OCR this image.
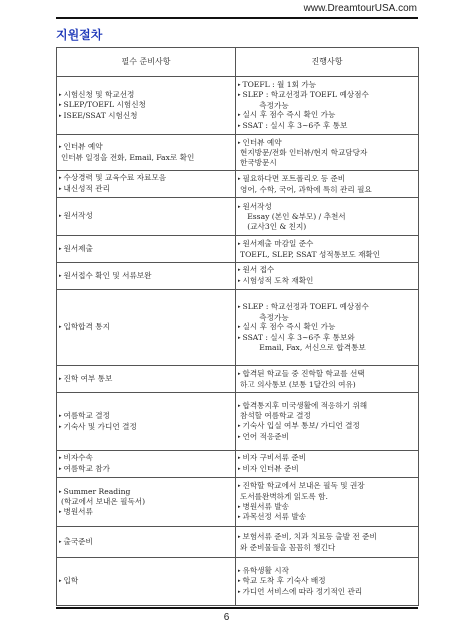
www.DreamtourUSA.com
지원절차
필수 준비사항	진행사항

▸ 시험신청 및 학교선정
▸ SLEP/TOEFL 시험신청
▸ ISEE/SSAT 시험신청	▸ TOEFL : 월 1회 가능
▸ SLEP : 학교선정과 TOEFL 예상점수
측정가능
▸ 실시 후 점수 즉시 확인 가능
▸ SSAT : 실시 후 3~6주 후 통보

▸ 인터뷰 예약
인터뷰 일정을 전화, Email, Fax로 확인	▸ 인터뷰 예약
현지방문/전화 인터뷰/현지 학교담당자
한국방문시

▸ 수상경력 및 교육수료 자료모음
▸ 내신성적 관리	▸ 필요하다면 포트폴리오 등 준비
영어, 수학, 국어, 과학에 특히 관리 필요

▸ 원서작성	▸ 원서작성
Essay (본인 &부모) / 추천서
(교사3인 & 친지)

▸ 원서제출	▸ 원서제출 마감일 준수
TOEFL, SLEP, SSAT 성적통보도 재확인

▸ 원서접수 확인 및 서류보완	▸ 원서 접수
▸ 시험성적 도착 재확인

▸ 입학합격 통지	▸ SLEP : 학교선정과 TOEFL 예상점수
측정가능
▸ 실시 후 점수 즉시 확인 가능
▸ SSAT : 실시 후 3~6주 후 통보와
Email, Fax, 서신으로 합격통보

▸ 진학 여부 통보	▸ 합격된 학교들 중 진학할 학교를 선택
하고 의사통보 (보통 1달간의 여유)

▸ 여름학교 결정
▸ 기숙사 및 가디언 결정	▸ 합격통지후 미국생활에 적응하기 위해
참석할 여름학교 결정
▸ 기숙사 입실 여부 통보/ 가디언 결정
▸ 언어 적응준비

▸ 비자수속
▸ 여름학교 참가	▸ 비자 구비서류 준비
▸ 비자 인터뷰 준비

▸ Summer Reading
(학교에서 보내온 필독서)
▸ 병원서류	▸ 진학할 학교에서 보내온 필독 및 권장
도서를완벽하게 읽도록 함.
▸ 병원서류 발송
▸ 과목선정 서류 발송

▸ 출국준비	▸ 보험서류 준비, 치과 치료등 출발 전 준비
와 준비물들을 꼼꼼히 챙긴다

▸ 입학	▸ 유학생활 시작
▸ 학교 도착 후 기숙사 배정
▸ 가디언 서비스에 따라 정기적인 관리
6
